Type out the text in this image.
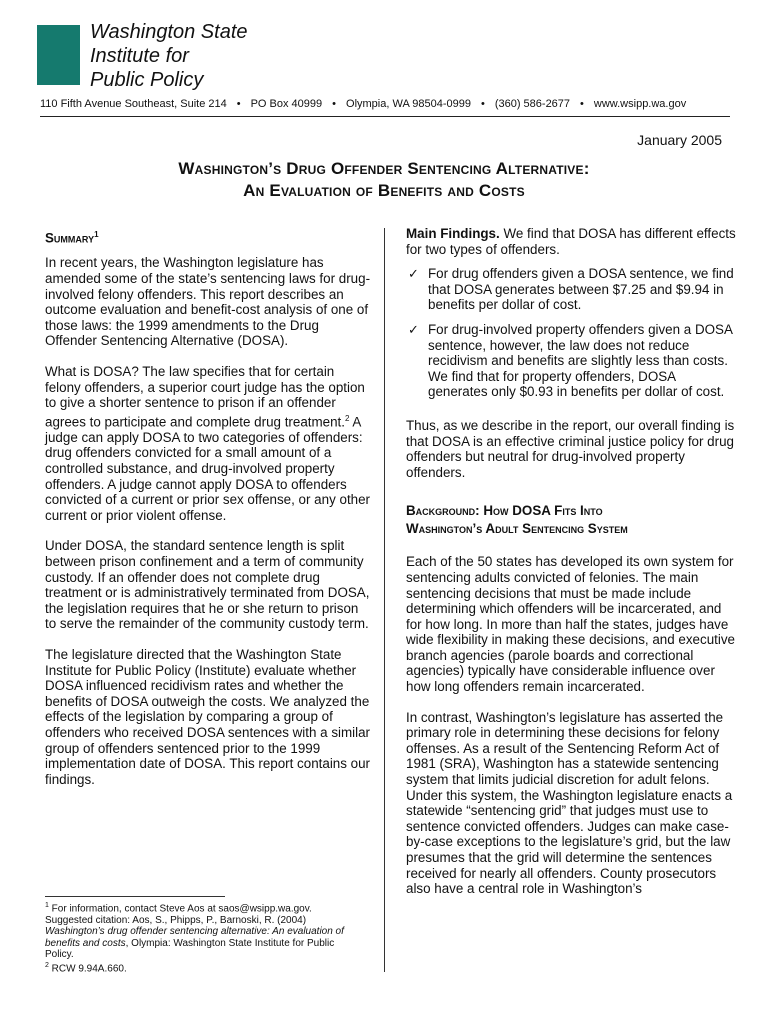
Washington State
Institute for
Public Policy
110 Fifth Avenue Southeast, Suite 214 • PO Box 40999 • Olympia, WA 98504-0999 • (360) 586-2677 • www.wsipp.wa.gov
January 2005
Washington’s Drug Offender Sentencing Alternative:
An Evaluation of Benefits and Costs
Summary$^1$

In recent years, the Washington legislature has amended some of the state’s sentencing laws for drug-involved felony offenders. This report describes an outcome evaluation and benefit-cost analysis of one of those laws: the 1999 amendments to the Drug Offender Sentencing Alternative (DOSA).

What is DOSA? The law specifies that for certain felony offenders, a superior court judge has the option to give a shorter sentence to prison if an offender agrees to participate and complete drug treatment.$^2$ A judge can apply DOSA to two categories of offenders: drug offenders convicted for a small amount of a controlled substance, and drug-involved property offenders. A judge cannot apply DOSA to offenders convicted of a current or prior sex offense, or any other current or prior violent offense.

Under DOSA, the standard sentence length is split between prison confinement and a term of community custody. If an offender does not complete drug treatment or is administratively terminated from DOSA, the legislation requires that he or she return to prison to serve the remainder of the community custody term.

The legislature directed that the Washington State Institute for Public Policy (Institute) evaluate whether DOSA influenced recidivism rates and whether the benefits of DOSA outweigh the costs. We analyzed the effects of the legislation by comparing a group of offenders who received DOSA sentences with a similar group of offenders sentenced prior to the 1999 implementation date of DOSA. This report contains our findings.

Main Findings. We find that DOSA has different effects for two types of offenders.

✓ For drug offenders given a DOSA sentence, we find that DOSA generates between $7.25 and $9.94 in benefits per dollar of cost.
✓ For drug-involved property offenders given a DOSA sentence, however, the law does not reduce recidivism and benefits are slightly less than costs. We find that for property offenders, DOSA generates only $0.93 in benefits per dollar of cost.

Thus, as we describe in the report, our overall finding is that DOSA is an effective criminal justice policy for drug offenders but neutral for drug-involved property offenders.

Background: How DOSA Fits Into
Washington’s Adult Sentencing System

Each of the 50 states has developed its own system for sentencing adults convicted of felonies. The main sentencing decisions that must be made include determining which offenders will be incarcerated, and for how long. In more than half the states, judges have wide flexibility in making these decisions, and executive branch agencies (parole boards and correctional agencies) typically have considerable influence over how long offenders remain incarcerated.

In contrast, Washington’s legislature has asserted the primary role in determining these decisions for felony offenses. As a result of the Sentencing Reform Act of 1981 (SRA), Washington has a statewide sentencing system that limits judicial discretion for adult felons. Under this system, the Washington legislature enacts a statewide “sentencing grid” that judges must use to sentence convicted offenders. Judges can make case-by-case exceptions to the legislature’s grid, but the law presumes that the grid will determine the sentences received for nearly all offenders. County prosecutors also have a central role in Washington’s

$^1$ For information, contact Steve Aos at saos@wsipp.wa.gov.
Suggested citation: Aos, S., Phipps, P., Barnoski, R. (2004) Washington’s drug offender sentencing alternative: An evaluation of benefits and costs, Olympia: Washington State Institute for Public Policy.
$^2$ RCW 9.94A.660.
